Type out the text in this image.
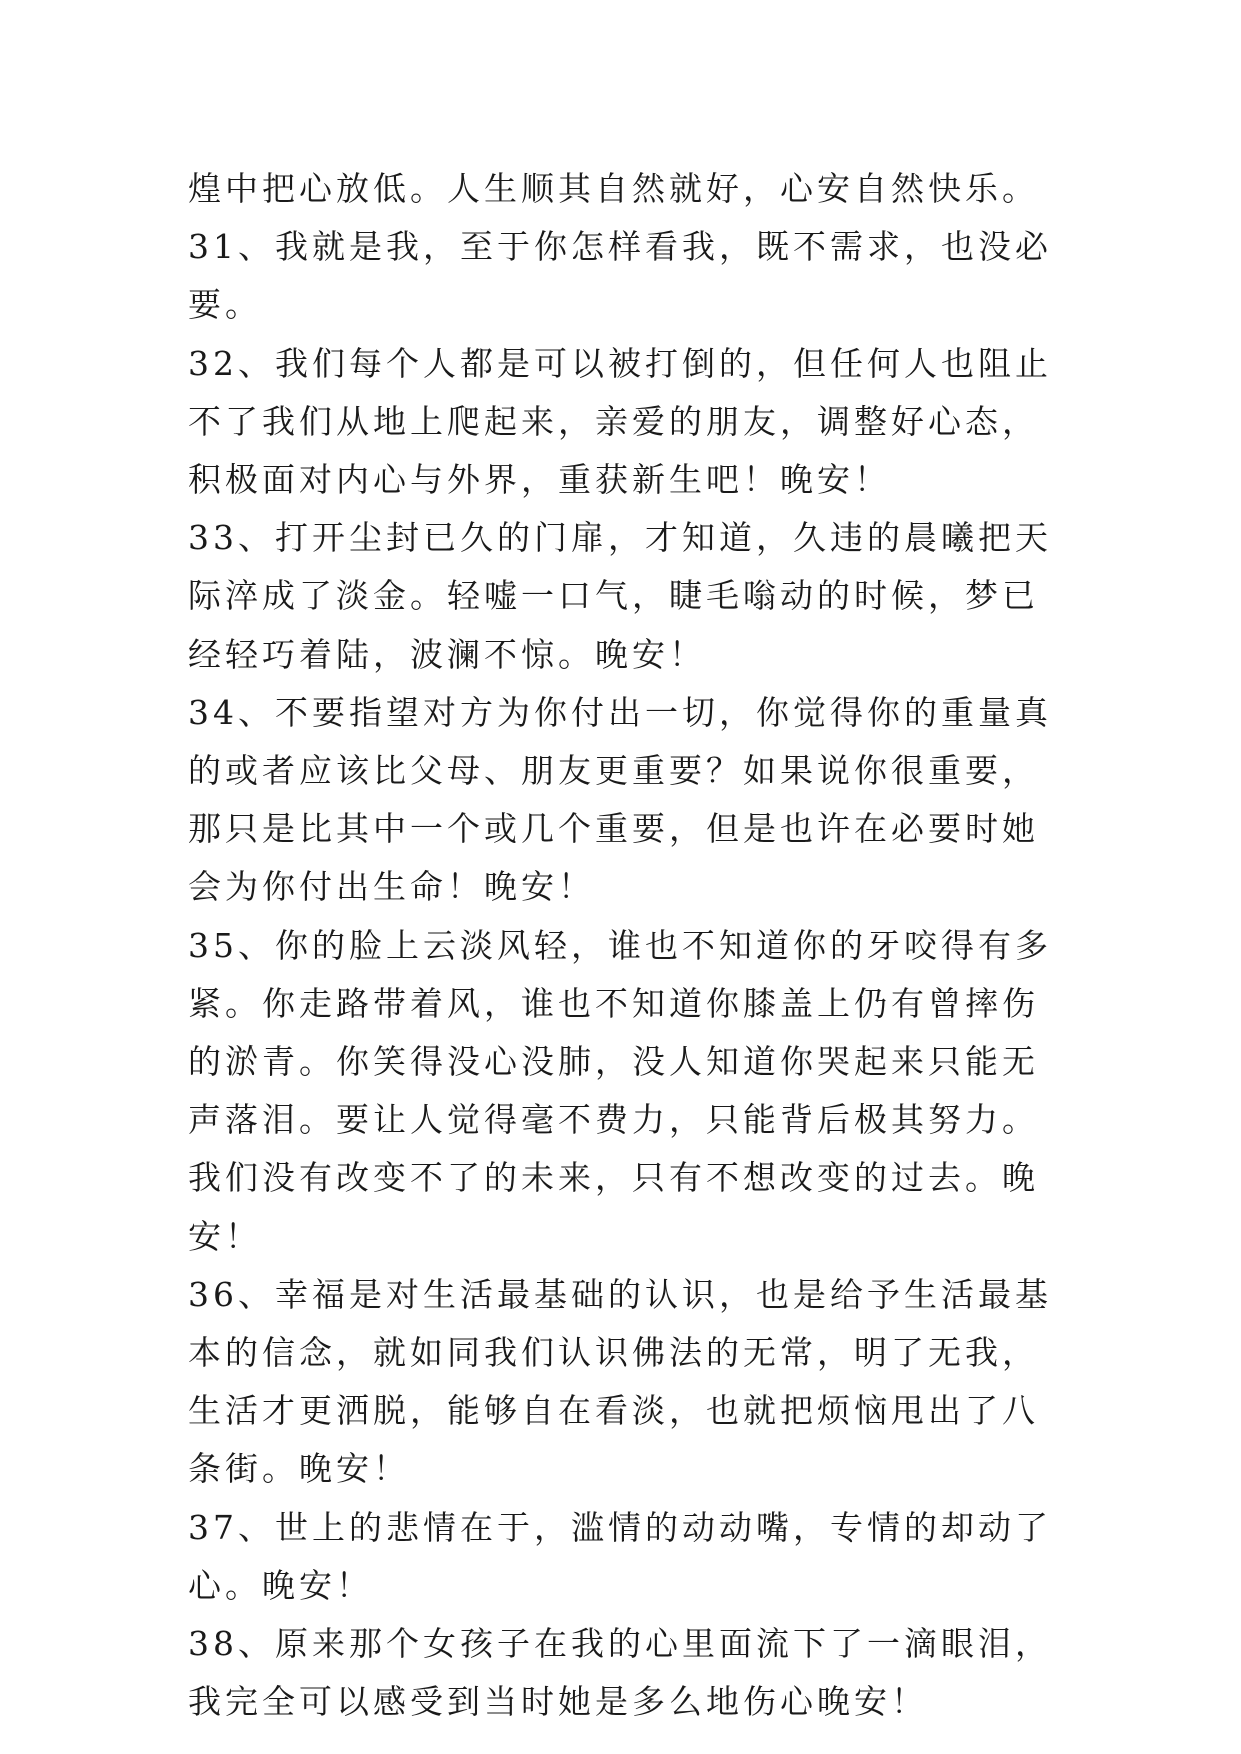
煌中把心放低。人生顺其自然就好，心安自然快乐。

31、我就是我，至于你怎样看我，既不需求，也没必要。

32、我们每个人都是可以被打倒的，但任何人也阻止不了我们从地上爬起来，亲爱的朋友，调整好心态，积极面对内心与外界，重获新生吧！晚安！

33、打开尘封已久的门扉，才知道，久违的晨曦把天际淬成了淡金。轻嘘一口气，睫毛嗡动的时候，梦已经轻巧着陆，波澜不惊。晚安！

34、不要指望对方为你付出一切，你觉得你的重量真的或者应该比父母、朋友更重要？如果说你很重要，那只是比其中一个或几个重要，但是也许在必要时她会为你付出生命！晚安！

35、你的脸上云淡风轻，谁也不知道你的牙咬得有多紧。你走路带着风，谁也不知道你膝盖上仍有曾摔伤的淤青。你笑得没心没肺，没人知道你哭起来只能无声落泪。要让人觉得毫不费力，只能背后极其努力。我们没有改变不了的未来，只有不想改变的过去。晚安！

36、幸福是对生活最基础的认识，也是给予生活最基本的信念，就如同我们认识佛法的无常，明了无我，生活才更洒脱，能够自在看淡，也就把烦恼甩出了八条街。晚安！

37、世上的悲情在于，滥情的动动嘴，专情的却动了心。晚安！

38、原来那个女孩子在我的心里面流下了一滴眼泪，我完全可以感受到当时她是多么地伤心晚安！
